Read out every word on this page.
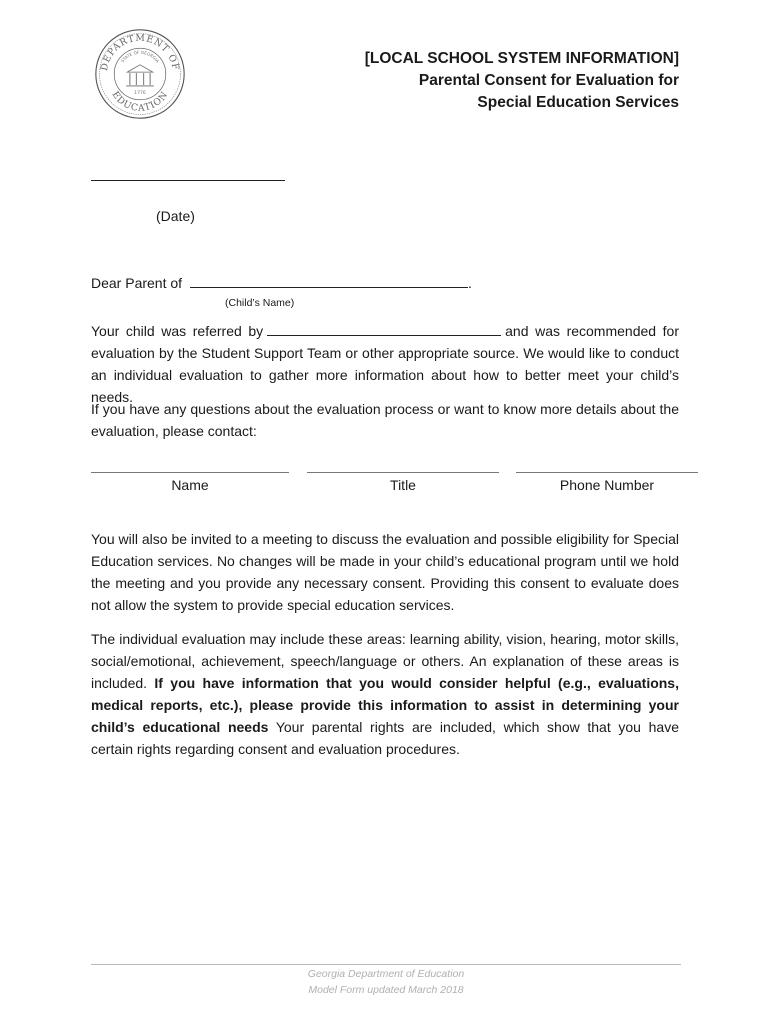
DEPARTMENT OF
EDUCATION
STATE OF GEORGIA
1776
[LOCAL SCHOOL SYSTEM INFORMATION]
Parental Consent for Evaluation for
Special Education Services
(Date)
Dear Parent of	.
(Child’s Name)
Your child was referred by	and was recommended for evaluation by the Student Support Team or other appropriate source. We would like to conduct an individual evaluation to gather more information about how to better meet your child’s needs.
If you have any questions about the evaluation process or want to know more details about the evaluation, please contact:
Name	Title	Phone Number
You will also be invited to a meeting to discuss the evaluation and possible eligibility for Special Education services. No changes will be made in your child’s educational program until we hold the meeting and you provide any necessary consent. Providing this consent to evaluate does not allow the system to provide special education services.
The individual evaluation may include these areas: learning ability, vision, hearing, motor skills, social/emotional, achievement, speech/language or others. An explanation of these areas is included. If you have information that you would consider helpful (e.g., evaluations, medical reports, etc.), please provide this information to assist in determining your child’s educational needs Your parental rights are included, which show that you have certain rights regarding consent and evaluation procedures.
Georgia Department of Education
Model Form updated March 2018
